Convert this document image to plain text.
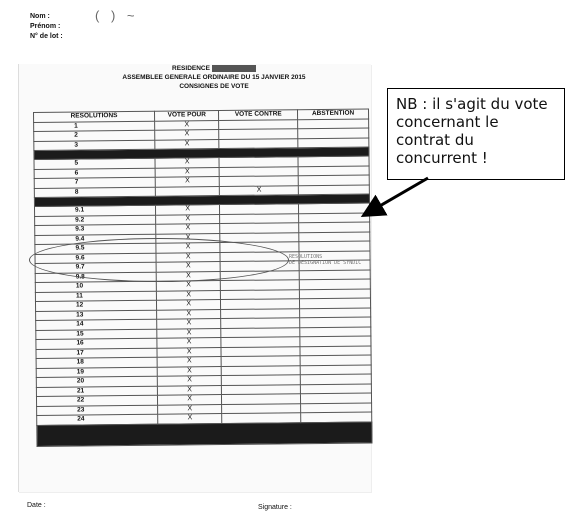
Nom :
Prénom :
N° de lot :
( ) ~
RESIDENCE
ASSEMBLEE GENERALE ORDINAIRE DU 15 JANVIER 2015
CONSIGNES DE VOTE
RESOLUTIONS	VOTE POUR	VOTE CONTRE	ABSTENTION
1	X		
2	X		
3	X		

5	X		
6	X		
7	X		
8		X	

9.1	X		
9.2	X		
9.3	X		
9.4	X		
9.5	X		
9.6	X		
9.7	X		
9.8	X		
10	X		
11	X		
12	X		
13	X		
14	X		
15	X		
16	X		
17	X		
18	X		
19	X		
20	X		
21	X		
22	X		
23	X		
24	X		

RESOLUTIONS
DE DESIGNATION DE SYNDIC
Date :	Signature :
NB : il s'agit du vote concernant le contrat du concurrent !
